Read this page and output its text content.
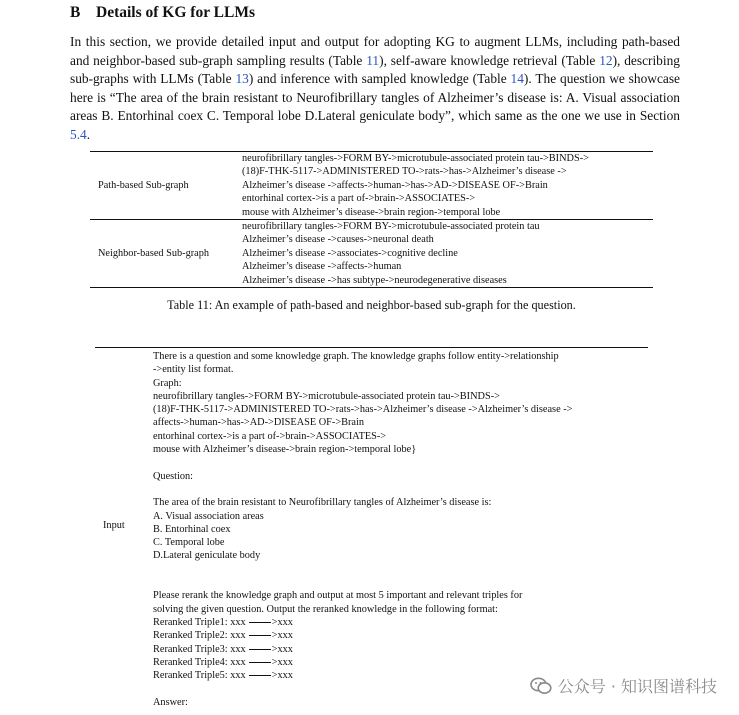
B Details of KG for LLMs
In this section, we provide detailed input and output for adopting KG to augment LLMs, including path-based and neighbor-based sub-graph sampling results (Table 11), self-aware knowledge retrieval (Table 12), describing sub-graphs with LLMs (Table 13) and inference with sampled knowledge (Table 14). The question we showcase here is “The area of the brain resistant to Neurofibrillary tangles of Alzheimer’s disease is: A. Visual association areas B. Entorhinal coex C. Temporal lobe D.Lateral geniculate body”, which same as the one we use in Section 5.4.
Path-based Sub-graph
neurofibrillary tangles->FORM BY->microtubule-associated protein tau->BINDS->
(18)F-THK-5117->ADMINISTERED TO->rats->has->Alzheimer’s disease ->
Alzheimer’s disease ->affects->human->has->AD->DISEASE OF->Brain
entorhinal cortex->is a part of->brain->ASSOCIATES->
mouse with Alzheimer’s disease->brain region->temporal lobe
Neighbor-based Sub-graph
neurofibrillary tangles->FORM BY->microtubule-associated protein tau
Alzheimer’s disease ->causes->neuronal death
Alzheimer’s disease ->associates->cognitive decline
Alzheimer’s disease ->affects->human
Alzheimer’s disease ->has subtype->neurodegenerative diseases
Table 11: An example of path-based and neighbor-based sub-graph for the question.
Input
There is a question and some knowledge graph. The knowledge graphs follow entity->relationship
->entity list format.
Graph:
neurofibrillary tangles->FORM BY->microtubule-associated protein tau->BINDS->
(18)F-THK-5117->ADMINISTERED TO->rats->has->Alzheimer’s disease ->Alzheimer’s disease ->
affects->human->has->AD->DISEASE OF->Brain
entorhinal cortex->is a part of->brain->ASSOCIATES->
mouse with Alzheimer’s disease->brain region->temporal lobe}
Question:
The area of the brain resistant to Neurofibrillary tangles of Alzheimer’s disease is:
A. Visual association areas
B. Entorhinal coex
C. Temporal lobe
D.Lateral geniculate body
Please rerank the knowledge graph and output at most 5 important and relevant triples for
solving the given question. Output the reranked knowledge in the following format:
Reranked Triple1: xxx	>xxx
Reranked Triple2: xxx	>xxx
Reranked Triple3: xxx	>xxx
Reranked Triple4: xxx	>xxx
Reranked Triple5: xxx	>xxx
Answer:
公众号 · 知识图谱科技
